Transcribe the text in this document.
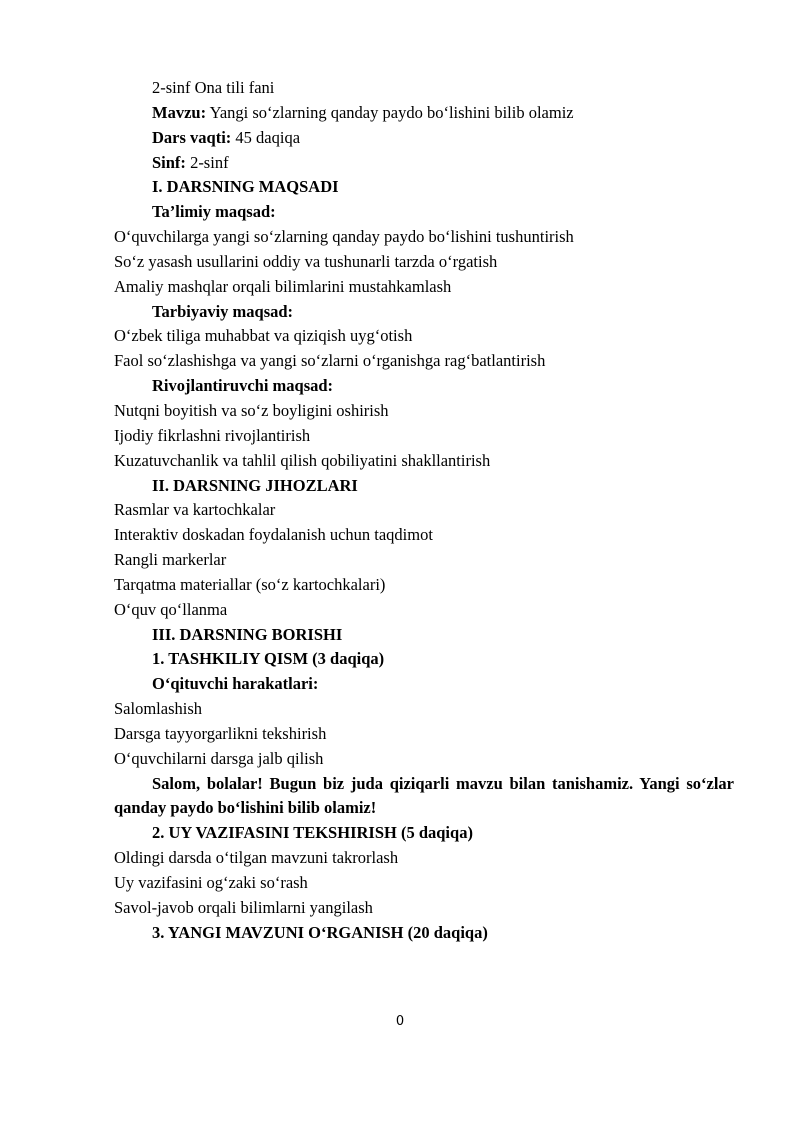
2-sinf Ona tili fani
Mavzu: Yangi so‘zlarning qanday paydo bo‘lishini bilib olamiz
Dars vaqti: 45 daqiqa
Sinf: 2-sinf
I. DARSNING MAQSADI
Ta’limiy maqsad:
O‘quvchilarga yangi so‘zlarning qanday paydo bo‘lishini tushuntirish
So‘z yasash usullarini oddiy va tushunarli tarzda o‘rgatish
Amaliy mashqlar orqali bilimlarini mustahkamlash
Tarbiyaviy maqsad:
O‘zbek tiliga muhabbat va qiziqish uyg‘otish
Faol so‘zlashishga va yangi so‘zlarni o‘rganishga rag‘batlantirish
Rivojlantiruvchi maqsad:
Nutqni boyitish va so‘z boyligini oshirish
Ijodiy fikrlashni rivojlantirish
Kuzatuvchanlik va tahlil qilish qobiliyatini shakllantirish
II. DARSNING JIHOZLARI
Rasmlar va kartochkalar
Interaktiv doskadan foydalanish uchun taqdimot
Rangli markerlar
Tarqatma materiallar (so‘z kartochkalari)
O‘quv qo‘llanma
III. DARSNING BORISHI
1. TASHKILIY QISM (3 daqiqa)
O‘qituvchi harakatlari:
Salomlashish
Darsga tayyorgarlikni tekshirish
O‘quvchilarni darsga jalb qilish
Salom, bolalar! Bugun biz juda qiziqarli mavzu bilan tanishamiz. Yangi so‘zlar qanday paydo bo‘lishini bilib olamiz!
2. UY VAZIFASINI TEKSHIRISH (5 daqiqa)
Oldingi darsda o‘tilgan mavzuni takrorlash
Uy vazifasini og‘zaki so‘rash
Savol-javob orqali bilimlarni yangilash
3. YANGI MAVZUNI O‘RGANISH (20 daqiqa)
0
